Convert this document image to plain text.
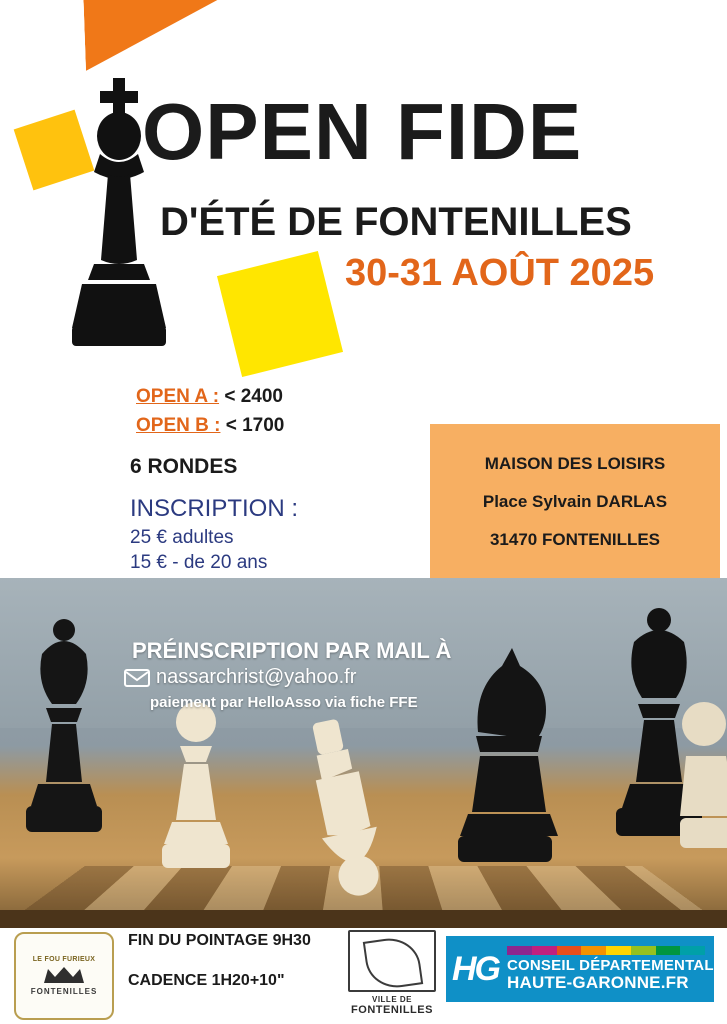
OPEN FIDE
D'ÉTÉ DE FONTENILLES
30-31 AOÛT 2025
OPEN A : < 2400
OPEN B : < 1700
6 RONDES
INSCRIPTION :
25 € adultes
15 € - de 20 ans
MAISON DES LOISIRS
Place Sylvain DARLAS
31470 FONTENILLES
PRÉINSCRIPTION PAR MAIL À
nassarchrist@yahoo.fr
paiement par HelloAsso via fiche FFE
FIN DU POINTAGE 9H30
CADENCE 1H20+10"
LE FOU FURIEUX
FONTENILLES
VILLE DE
FONTENILLES
HG CONSEIL DÉPARTEMENTAL
HAUTE-GARONNE.FR
